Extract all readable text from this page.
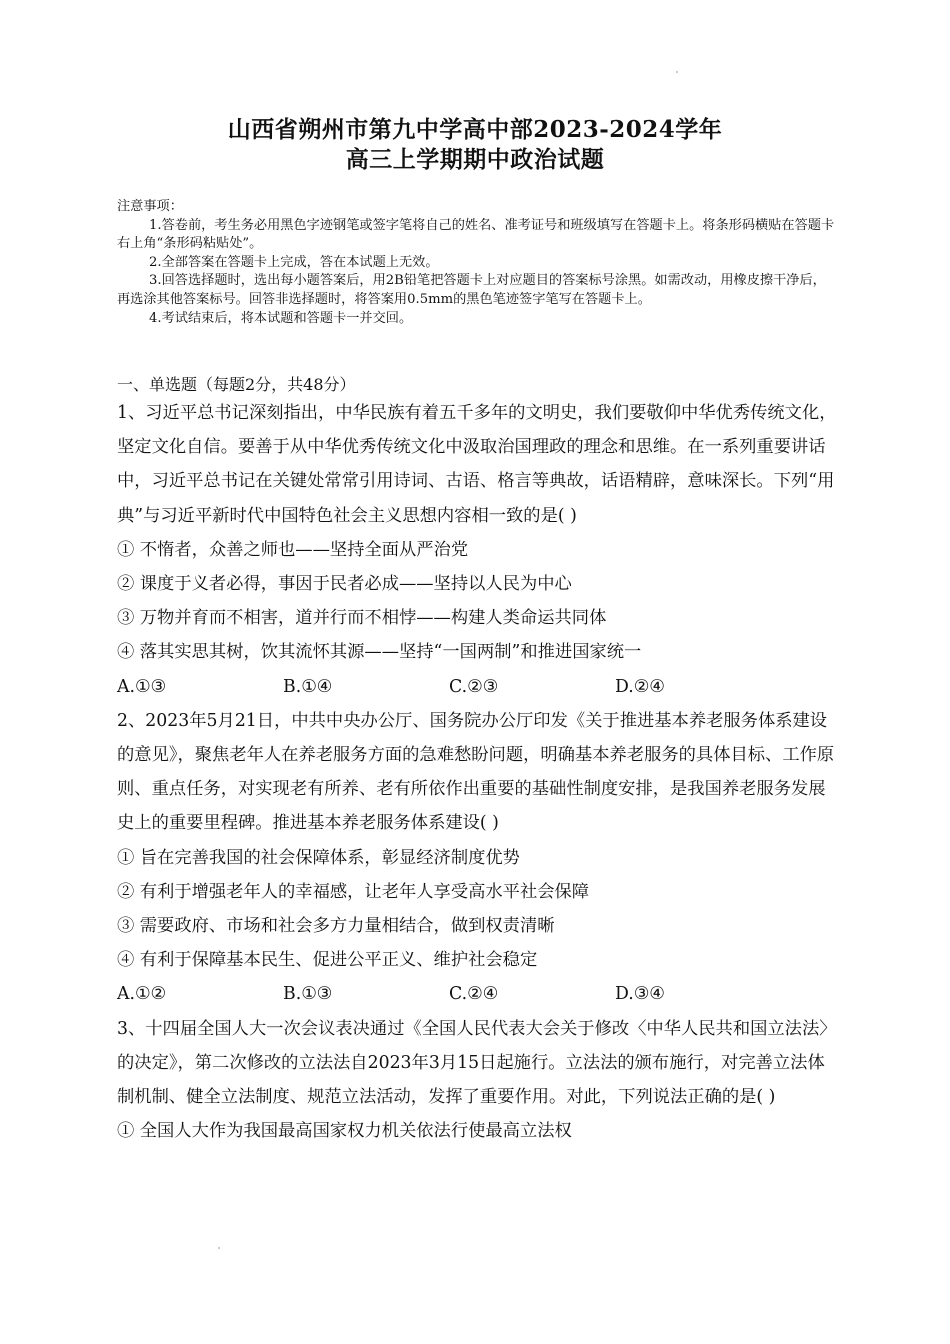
山西省朔州市第九中学高中部2023-2024学年
高三上学期期中政治试题

注意事项：

1.答卷前，考生务必用黑色字迹钢笔或签字笔将自己的姓名、准考证号和班级填写在答题卡上。将条形码横贴在答题卡右上角“条形码粘贴处”。

2.全部答案在答题卡上完成，答在本试题上无效。

3.回答选择题时，选出每小题答案后，用2B铅笔把答题卡上对应题目的答案标号涂黑。如需改动，用橡皮擦干净后，再选涂其他答案标号。回答非选择题时，将答案用0.5mm的黑色笔迹签字笔写在答题卡上。

4.考试结束后，将本试题和答题卡一并交回。

一、单选题（每题2分，共48分）

1、习近平总书记深刻指出，中华民族有着五千多年的文明史，我们要敬仰中华优秀传统文化，坚定文化自信。要善于从中华优秀传统文化中汲取治国理政的理念和思维。在一系列重要讲话中，习近平总书记在关键处常常引用诗词、古语、格言等典故，话语精辟，意味深长。下列“用典”与习近平新时代中国特色社会主义思想内容相一致的是( )

① 不惰者，众善之师也——坚持全面从严治党

② 课度于义者必得，事因于民者必成——坚持以人民为中心

③ 万物并育而不相害，道并行而不相悖——构建人类命运共同体

④ 落其实思其树，饮其流怀其源——坚持“一国两制”和推进国家统一

A.①③	B.①④	C.②③	D.②④

2、2023年5月21日，中共中央办公厅、国务院办公厅印发《关于推进基本养老服务体系建设的意见》，聚焦老年人在养老服务方面的急难愁盼问题，明确基本养老服务的具体目标、工作原则、重点任务，对实现老有所养、老有所依作出重要的基础性制度安排，是我国养老服务发展史上的重要里程碑。推进基本养老服务体系建设( )

① 旨在完善我国的社会保障体系，彰显经济制度优势

② 有利于增强老年人的幸福感，让老年人享受高水平社会保障

③ 需要政府、市场和社会多方力量相结合，做到权责清晰

④ 有利于保障基本民生、促进公平正义、维护社会稳定

A.①②	B.①③	C.②④	D.③④

3、十四届全国人大一次会议表决通过《全国人民代表大会关于修改〈中华人民共和国立法法〉的决定》，第二次修改的立法法自2023年3月15日起施行。立法法的颁布施行，对完善立法体制机制、健全立法制度、规范立法活动，发挥了重要作用。对此，下列说法正确的是( )

① 全国人大作为我国最高国家权力机关依法行使最高立法权
